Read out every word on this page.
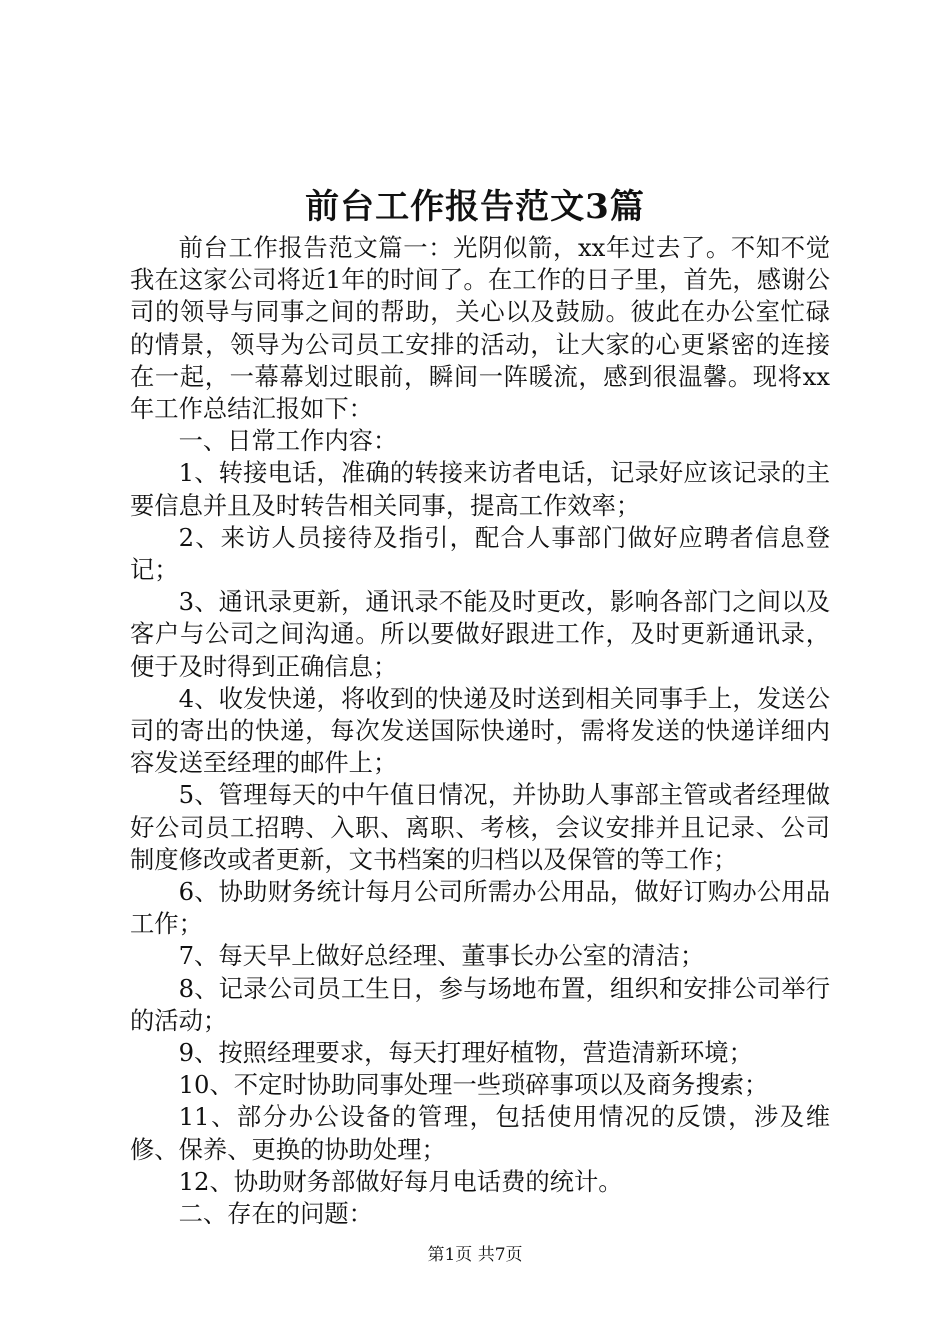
前台工作报告范文3篇

前台工作报告范文篇一：光阴似箭，xx年过去了。不知不觉我在这家公司将近1年的时间了。在工作的日子里，首先，感谢公司的领导与同事之间的帮助，关心以及鼓励。彼此在办公室忙碌的情景，领导为公司员工安排的活动，让大家的心更紧密的连接在一起，一幕幕划过眼前，瞬间一阵暖流，感到很温馨。现将xx年工作总结汇报如下：

一、日常工作内容：

1、转接电话，准确的转接来访者电话，记录好应该记录的主要信息并且及时转告相关同事，提高工作效率；

2、来访人员接待及指引，配合人事部门做好应聘者信息登记；

3、通讯录更新，通讯录不能及时更改，影响各部门之间以及客户与公司之间沟通。所以要做好跟进工作，及时更新通讯录，便于及时得到正确信息；

4、收发快递，将收到的快递及时送到相关同事手上，发送公司的寄出的快递，每次发送国际快递时，需将发送的快递详细内容发送至经理的邮件上；

5、管理每天的中午值日情况，并协助人事部主管或者经理做好公司员工招聘、入职、离职、考核，会议安排并且记录、公司制度修改或者更新，文书档案的归档以及保管的等工作；

6、协助财务统计每月公司所需办公用品，做好订购办公用品工作；

7、每天早上做好总经理、董事长办公室的清洁；

8、记录公司员工生日，参与场地布置，组织和安排公司举行的活动；

9、按照经理要求，每天打理好植物，营造清新环境；

10、不定时协助同事处理一些琐碎事项以及商务搜索；

11、部分办公设备的管理，包括使用情况的反馈，涉及维修、保养、更换的协助处理；

12、协助财务部做好每月电话费的统计。

二、存在的问题：

第1页 共7页
